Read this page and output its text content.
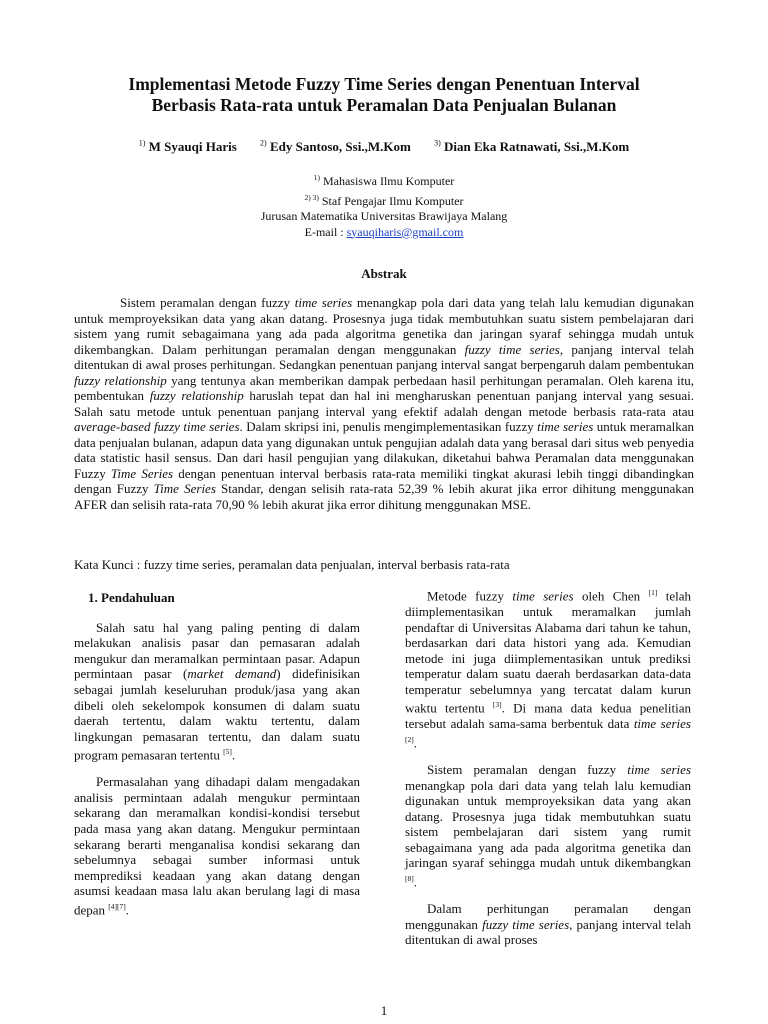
Implementasi Metode Fuzzy Time Series dengan Penentuan Interval
Berbasis Rata-rata untuk Peramalan Data Penjualan Bulanan
$^{1)}$ M Syauqi Haris	$^{2)}$ Edy Santoso, Ssi.,M.Kom	$^{3)}$ Dian Eka Ratnawati, Ssi.,M.Kom
$^{1)}$ Mahasiswa Ilmu Komputer
$^{2) 3)}$ Staf Pengajar Ilmu Komputer
Jurusan Matematika Universitas Brawijaya Malang
E-mail : syauqiharis@gmail.com
Abstrak

Sistem peramalan dengan fuzzy time series menangkap pola dari data yang telah lalu kemudian digunakan untuk memproyeksikan data yang akan datang. Prosesnya juga tidak membutuhkan suatu sistem pembelajaran dari sistem yang rumit sebagaimana yang ada pada algoritma genetika dan jaringan syaraf sehingga mudah untuk dikembangkan. Dalam perhitungan peramalan dengan menggunakan fuzzy time series, panjang interval telah ditentukan di awal proses perhitungan. Sedangkan penentuan panjang interval sangat berpengaruh dalam pembentukan fuzzy relationship yang tentunya akan memberikan dampak perbedaan hasil perhitungan peramalan. Oleh karena itu, pembentukan fuzzy relationship haruslah tepat dan hal ini mengharuskan penentuan panjang interval yang sesuai. Salah satu metode untuk penentuan panjang interval yang efektif adalah dengan metode berbasis rata-rata atau average-based fuzzy time series. Dalam skripsi ini, penulis mengimplementasikan fuzzy time series untuk meramalkan data penjualan bulanan, adapun data yang digunakan untuk pengujian adalah data yang berasal dari situs web penyedia data statistic hasil sensus. Dan dari hasil pengujian yang dilakukan, diketahui bahwa Peramalan data menggunakan Fuzzy Time Series dengan penentuan interval berbasis rata-rata memiliki tingkat akurasi lebih tinggi dibandingkan dengan Fuzzy Time Series Standar, dengan selisih rata-rata 52,39 % lebih akurat jika error dihitung menggunakan AFER dan selisih rata-rata 70,90 % lebih akurat jika error dihitung menggunakan MSE.

Kata Kunci : fuzzy time series, peramalan data penjualan, interval berbasis rata-rata

1. Pendahuluan

Salah satu hal yang paling penting di dalam melakukan analisis pasar dan pemasaran adalah mengukur dan meramalkan permintaan pasar. Adapun permintaan pasar (market demand) didefinisikan sebagai jumlah keseluruhan produk/jasa yang akan dibeli oleh sekelompok konsumen di dalam suatu daerah tertentu, dalam waktu tertentu, dalam lingkungan pemasaran tertentu, dan dalam suatu program pemasaran tertentu [5].

Permasalahan yang dihadapi dalam mengadakan analisis permintaan adalah mengukur permintaan sekarang dan meramalkan kondisi-kondisi tersebut pada masa yang akan datang. Mengukur permintaan sekarang berarti menganalisa kondisi sekarang dan sebelumnya sebagai sumber informasi untuk memprediksi keadaan yang akan datang dengan asumsi keadaan masa lalu akan berulang lagi di masa depan [4][7].

Metode fuzzy time series oleh Chen [1] telah diimplementasikan untuk meramalkan jumlah pendaftar di Universitas Alabama dari tahun ke tahun, berdasarkan dari data histori yang ada. Kemudian metode ini juga diimplementasikan untuk prediksi temperatur dalam suatu daerah berdasarkan data-data temperatur sebelumnya yang tercatat dalam kurun waktu tertentu [3]. Di mana data kedua penelitian tersebut adalah sama-sama berbentuk data time series [2].

Sistem peramalan dengan fuzzy time series menangkap pola dari data yang telah lalu kemudian digunakan untuk memproyeksikan data yang akan datang. Prosesnya juga tidak membutuhkan suatu sistem pembelajaran dari sistem yang rumit sebagaimana yang ada pada algoritma genetika dan jaringan syaraf sehingga mudah untuk dikembangkan [8].

Dalam perhitungan peramalan dengan menggunakan fuzzy time series, panjang interval telah ditentukan di awal proses

1
